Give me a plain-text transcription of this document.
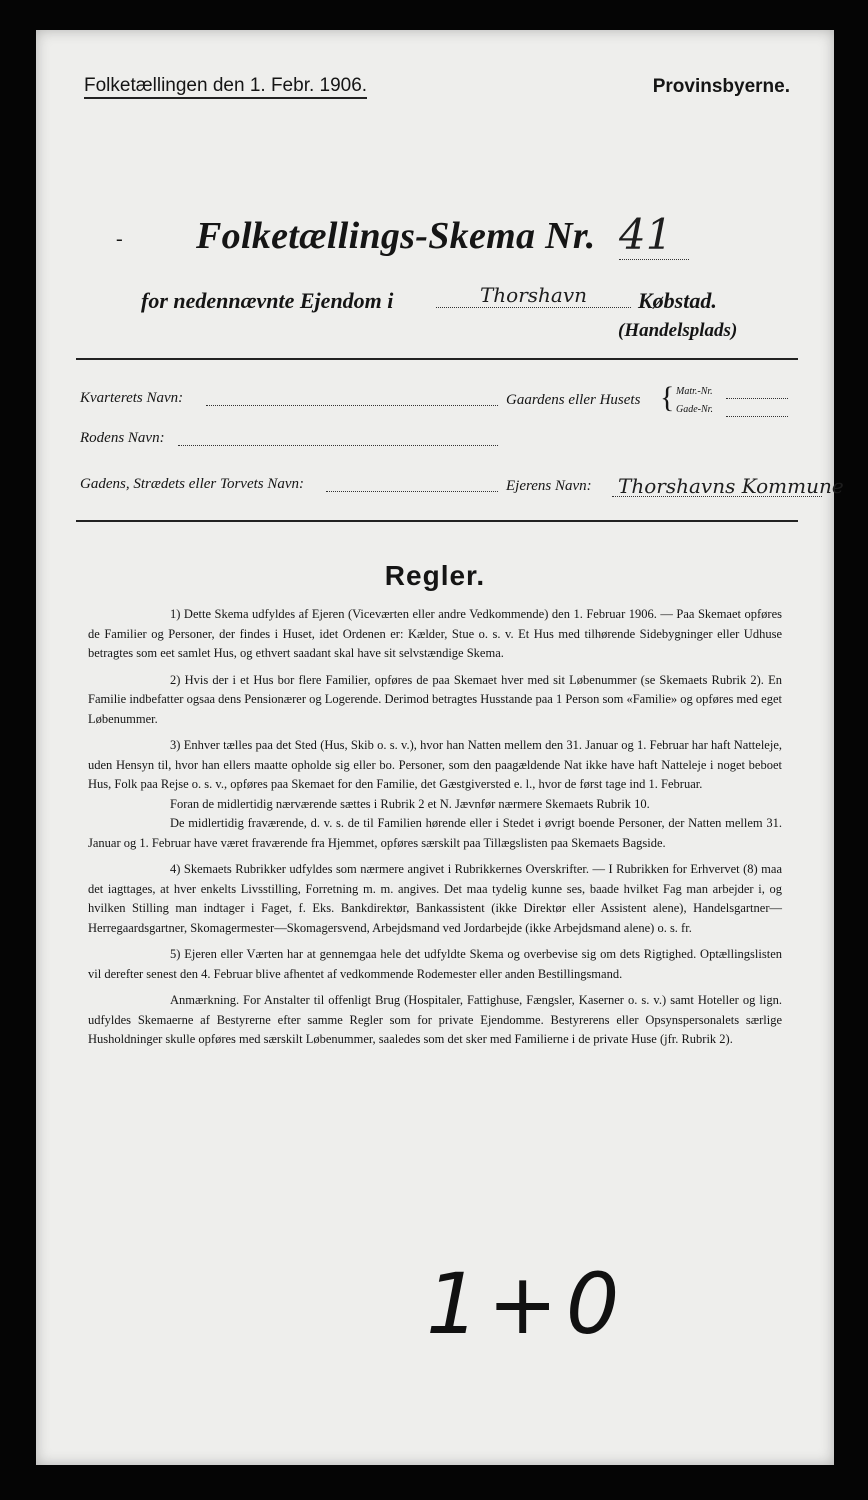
Folketællingen den 1. Febr. 1906.	Provinsbyerne.
- Folketællings-Skema Nr. 41
for nedennævnte Ejendom i	Thorshavn	Købstad.
(Handelsplads)
Kvarterets Navn:	Gaardens eller Husets { Matr.-Nr.
Gade-Nr.
Rodens Navn:
Gadens, Strædets eller Torvets Navn:	Ejerens Navn: Thorshavns Kommune
Regler.

1) Dette Skema udfyldes af Ejeren (Viceværten eller andre Vedkommende) den 1. Februar 1906. — Paa Skemaet opføres de Familier og Personer, der findes i Huset, idet Ordenen er: Kælder, Stue o. s. v. Et Hus med tilhørende Sidebygninger eller Udhuse betragtes som eet samlet Hus, og ethvert saadant skal have sit selvstændige Skema.

2) Hvis der i et Hus bor flere Familier, opføres de paa Skemaet hver med sit Løbenummer (se Skemaets Rubrik 2). En Familie indbefatter ogsaa dens Pensionærer og Logerende. Derimod betragtes Husstande paa 1 Person som «Familie» og opføres med eget Løbenummer.

3) Enhver tælles paa det Sted (Hus, Skib o. s. v.), hvor han Natten mellem den 31. Januar og 1. Februar har haft Natteleje, uden Hensyn til, hvor han ellers maatte opholde sig eller bo. Personer, som den paagældende Nat ikke have haft Natteleje i noget beboet Hus, Folk paa Rejse o. s. v., opføres paa Skemaet for den Familie, det Gæstgiversted e. l., hvor de først tage ind 1. Februar.

Foran de midlertidig nærværende sættes i Rubrik 2 et N. Jævnfør nærmere Skemaets Rubrik 10.

De midlertidig fraværende, d. v. s. de til Familien hørende eller i Stedet i øvrigt boende Personer, der Natten mellem 31. Januar og 1. Februar have været fraværende fra Hjemmet, opføres særskilt paa Tillægslisten paa Skemaets Bagside.

4) Skemaets Rubrikker udfyldes som nærmere angivet i Rubrikkernes Overskrifter. — I Rubrikken for Erhvervet (8) maa det iagttages, at hver enkelts Livsstilling, Forretning m. m. angives. Det maa tydelig kunne ses, baade hvilket Fag man arbejder i, og hvilken Stilling man indtager i Faget, f. Eks. Bankdirektør, Bankassistent (ikke Direktør eller Assistent alene), Handelsgartner—Herregaardsgartner, Skomagermester—Skomagersvend, Arbejdsmand ved Jordarbejde (ikke Arbejdsmand alene) o. s. fr.

5) Ejeren eller Værten har at gennemgaa hele det udfyldte Skema og overbevise sig om dets Rigtighed. Optællingslisten vil derefter senest den 4. Februar blive afhentet af vedkommende Rodemester eller anden Bestillingsmand.

Anmærkning. For Anstalter til offenligt Brug (Hospitaler, Fattighuse, Fængsler, Kaserner o. s. v.) samt Hoteller og lign. udfyldes Skemaerne af Bestyrerne efter samme Regler som for private Ejendomme. Bestyrerens eller Opsynspersonalets særlige Husholdninger skulle opføres med særskilt Løbenummer, saaledes som det sker med Familierne i de private Huse (jfr. Rubrik 2).

1+0
